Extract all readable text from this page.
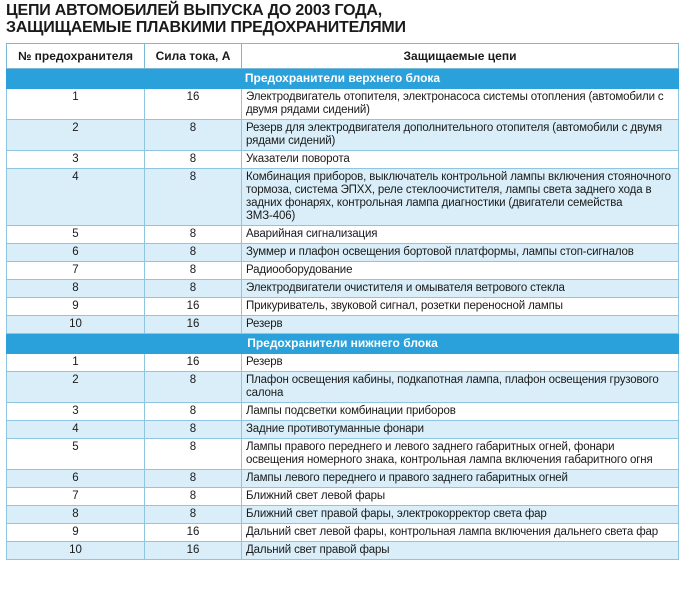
ЦЕПИ АВТОМОБИЛЕЙ ВЫПУСКА ДО 2003 ГОДА,
ЗАЩИЩАЕМЫЕ ПЛАВКИМИ ПРЕДОХРАНИТЕЛЯМИ
№ предохранителя	Сила тока, А	Защищаемые цепи
Предохранители верхнего блока		
1	16	Электродвигатель отопителя, электронасоса системы отопления (автомобили с двумя рядами сидений)
2	8	Резерв для электродвигателя дополнительного отопителя (автомобили с двумя рядами сидений)
3	8	Указатели поворота
4	8	Комбинация приборов, выключатель контрольной лампы включения стояночного тормоза, система ЭПХХ, реле стеклоочистителя, лампы света заднего хода в задних фонарях, контрольная лампа диагностики (двигатели семейства ЗМЗ-406)
5	8	Аварийная сигнализация
6	8	Зуммер и плафон освещения бортовой платформы, лампы стоп-сигналов
7	8	Радиооборудование
8	8	Электродвигатели очистителя и омывателя ветрового стекла
9	16	Прикуриватель, звуковой сигнал, розетки переносной лампы
10	16	Резерв
Предохранители нижнего блока		
1	16	Резерв
2	8	Плафон освещения кабины, подкапотная лампа, плафон освещения грузового салона
3	8	Лампы подсветки комбинации приборов
4	8	Задние противотуманные фонари
5	8	Лампы правого переднего и левого заднего габаритных огней, фонари освещения номерного знака, контрольная лампа включения габаритного огня
6	8	Лампы левого переднего и правого заднего габаритных огней
7	8	Ближний свет левой фары
8	8	Ближний свет правой фары, электрокорректор света фар
9	16	Дальний свет левой фары, контрольная лампа включения дальнего света фар
10	16	Дальний свет правой фары
